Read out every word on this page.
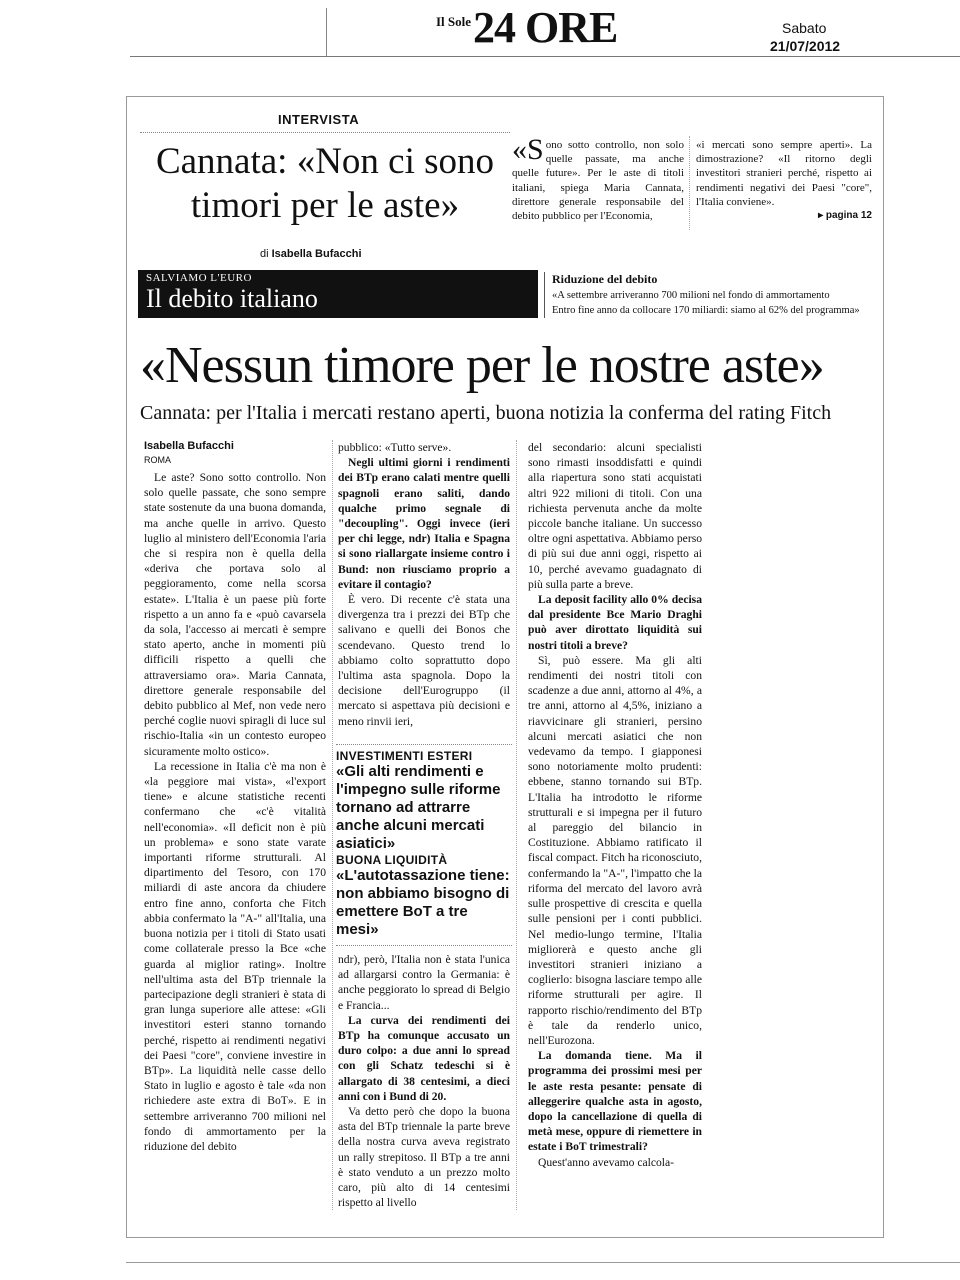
Il Sole 24 ORE	Sabato
21/07/2012
INTERVISTA
Cannata: «Non ci sono timori per le aste»
di Isabella Bufacchi
«Sono sotto controllo, non solo quelle passate, ma anche quelle future». Per le aste di titoli italiani, spiega Maria Cannata, direttore generale responsabile del debito pubblico per l'Economia,
«i mercati sono sempre aperti». La dimostrazione? «Il ritorno degli investitori stranieri perché, rispetto ai rendimenti negativi dei Paesi "core", l'Italia conviene».
▸ pagina 12
SALVIAMO L'EURO
Il debito italiano
Riduzione del debito
«A settembre arriveranno 700 milioni nel fondo di ammortamento
Entro fine anno da collocare 170 miliardi: siamo al 62% del programma»
«Nessun timore per le nostre aste»
Cannata: per l'Italia i mercati restano aperti, buona notizia la conferma del rating Fitch
Isabella Bufacchi
ROMA

Le aste? Sono sotto controllo. Non solo quelle passate, che sono sempre state sostenute da una buona domanda, ma anche quelle in arrivo. Questo luglio al ministero dell'Economia l'aria che si respira non è quella della «deriva che portava solo al peggioramento, come nella scorsa estate». L'Italia è un paese più forte rispetto a un anno fa e «può cavarsela da sola, l'accesso ai mercati è sempre stato aperto, anche in momenti più difficili rispetto a quelli che attraversiamo ora». Maria Cannata, direttore generale responsabile del debito pubblico al Mef, non vede nero perché coglie nuovi spiragli di luce sul rischio-Italia «in un contesto europeo sicuramente molto ostico».

La recessione in Italia c'è ma non è «la peggiore mai vista», «l'export tiene» e alcune statistiche recenti confermano che «c'è vitalità nell'economia». «Il deficit non è più un problema» e sono state varate importanti riforme strutturali. Al dipartimento del Tesoro, con 170 miliardi di aste ancora da chiudere entro fine anno, conforta che Fitch abbia confermato la "A-" all'Italia, una buona notizia per i titoli di Stato usati come collaterale presso la Bce «che guarda al miglior rating». Inoltre nell'ultima asta del BTp triennale la partecipazione degli stranieri è stata di gran lunga superiore alle attese: «Gli investitori esteri stanno tornando perché, rispetto ai rendimenti negativi dei Paesi "core", conviene investire in BTp». La liquidità nelle casse dello Stato in luglio e agosto è tale «da non richiedere aste extra di BoT». E in settembre arriveranno 700 milioni nel fondo di ammortamento per la riduzione del debito

pubblico: «Tutto serve».

Negli ultimi giorni i rendimenti dei BTp erano calati mentre quelli spagnoli erano saliti, dando qualche primo segnale di "decoupling". Oggi invece (ieri per chi legge, ndr) Italia e Spagna si sono riallargate insieme contro i Bund: non riusciamo proprio a evitare il contagio?

È vero. Di recente c'è stata una divergenza tra i prezzi dei BTp che salivano e quelli dei Bonos che scendevano. Questo trend lo abbiamo colto soprattutto dopo l'ultima asta spagnola. Dopo la decisione dell'Eurogruppo (il mercato si aspettava più decisioni e meno rinvii ieri,

INVESTIMENTI ESTERI
«Gli alti rendimenti e l'impegno sulle riforme tornano ad attrarre anche alcuni mercati asiatici»
BUONA LIQUIDITÀ
«L'autotassazione tiene: non abbiamo bisogno di emettere BoT a tre mesi»

ndr), però, l'Italia non è stata l'unica ad allargarsi contro la Germania: è anche peggiorato lo spread di Belgio e Francia...

La curva dei rendimenti dei BTp ha comunque accusato un duro colpo: a due anni lo spread con gli Schatz tedeschi si è allargato di 38 centesimi, a dieci anni con i Bund di 20.

Va detto però che dopo la buona asta del BTp triennale la parte breve della nostra curva aveva registrato un rally strepitoso. Il BTp a tre anni è stato venduto a un prezzo molto caro, più alto di 14 centesimi rispetto al livello

del secondario: alcuni specialisti sono rimasti insoddisfatti e quindi alla riapertura sono stati acquistati altri 922 milioni di titoli. Con una richiesta pervenuta anche da molte piccole banche italiane. Un successo oltre ogni aspettativa. Abbiamo perso di più sui due anni oggi, rispetto ai 10, perché avevamo guadagnato di più sulla parte a breve.

La deposit facility allo 0% decisa dal presidente Bce Mario Draghi può aver dirottato liquidità sui nostri titoli a breve?

Sì, può essere. Ma gli alti rendimenti dei nostri titoli con scadenze a due anni, attorno al 4%, a tre anni, attorno al 4,5%, iniziano a riavvicinare gli stranieri, persino alcuni mercati asiatici che non vedevamo da tempo. I giapponesi sono notoriamente molto prudenti: ebbene, stanno tornando sui BTp. L'Italia ha introdotto le riforme strutturali e si impegna per il futuro al pareggio del bilancio in Costituzione. Abbiamo ratificato il fiscal compact. Fitch ha riconosciuto, confermando la "A-", l'impatto che la riforma del mercato del lavoro avrà sulle prospettive di crescita e quella sulle pensioni per i conti pubblici. Nel medio-lungo termine, l'Italia migliorerà e questo anche gli investitori stranieri iniziano a coglierlo: bisogna lasciare tempo alle riforme strutturali per agire. Il rapporto rischio/rendimento del BTp è tale da renderlo unico, nell'Eurozona.

La domanda tiene. Ma il programma dei prossimi mesi per le aste resta pesante: pensate di alleggerire qualche asta in agosto, dopo la cancellazione di quella di metà mese, oppure di riemettere in estate i BoT trimestrali?

Quest'anno avevamo calcola-
